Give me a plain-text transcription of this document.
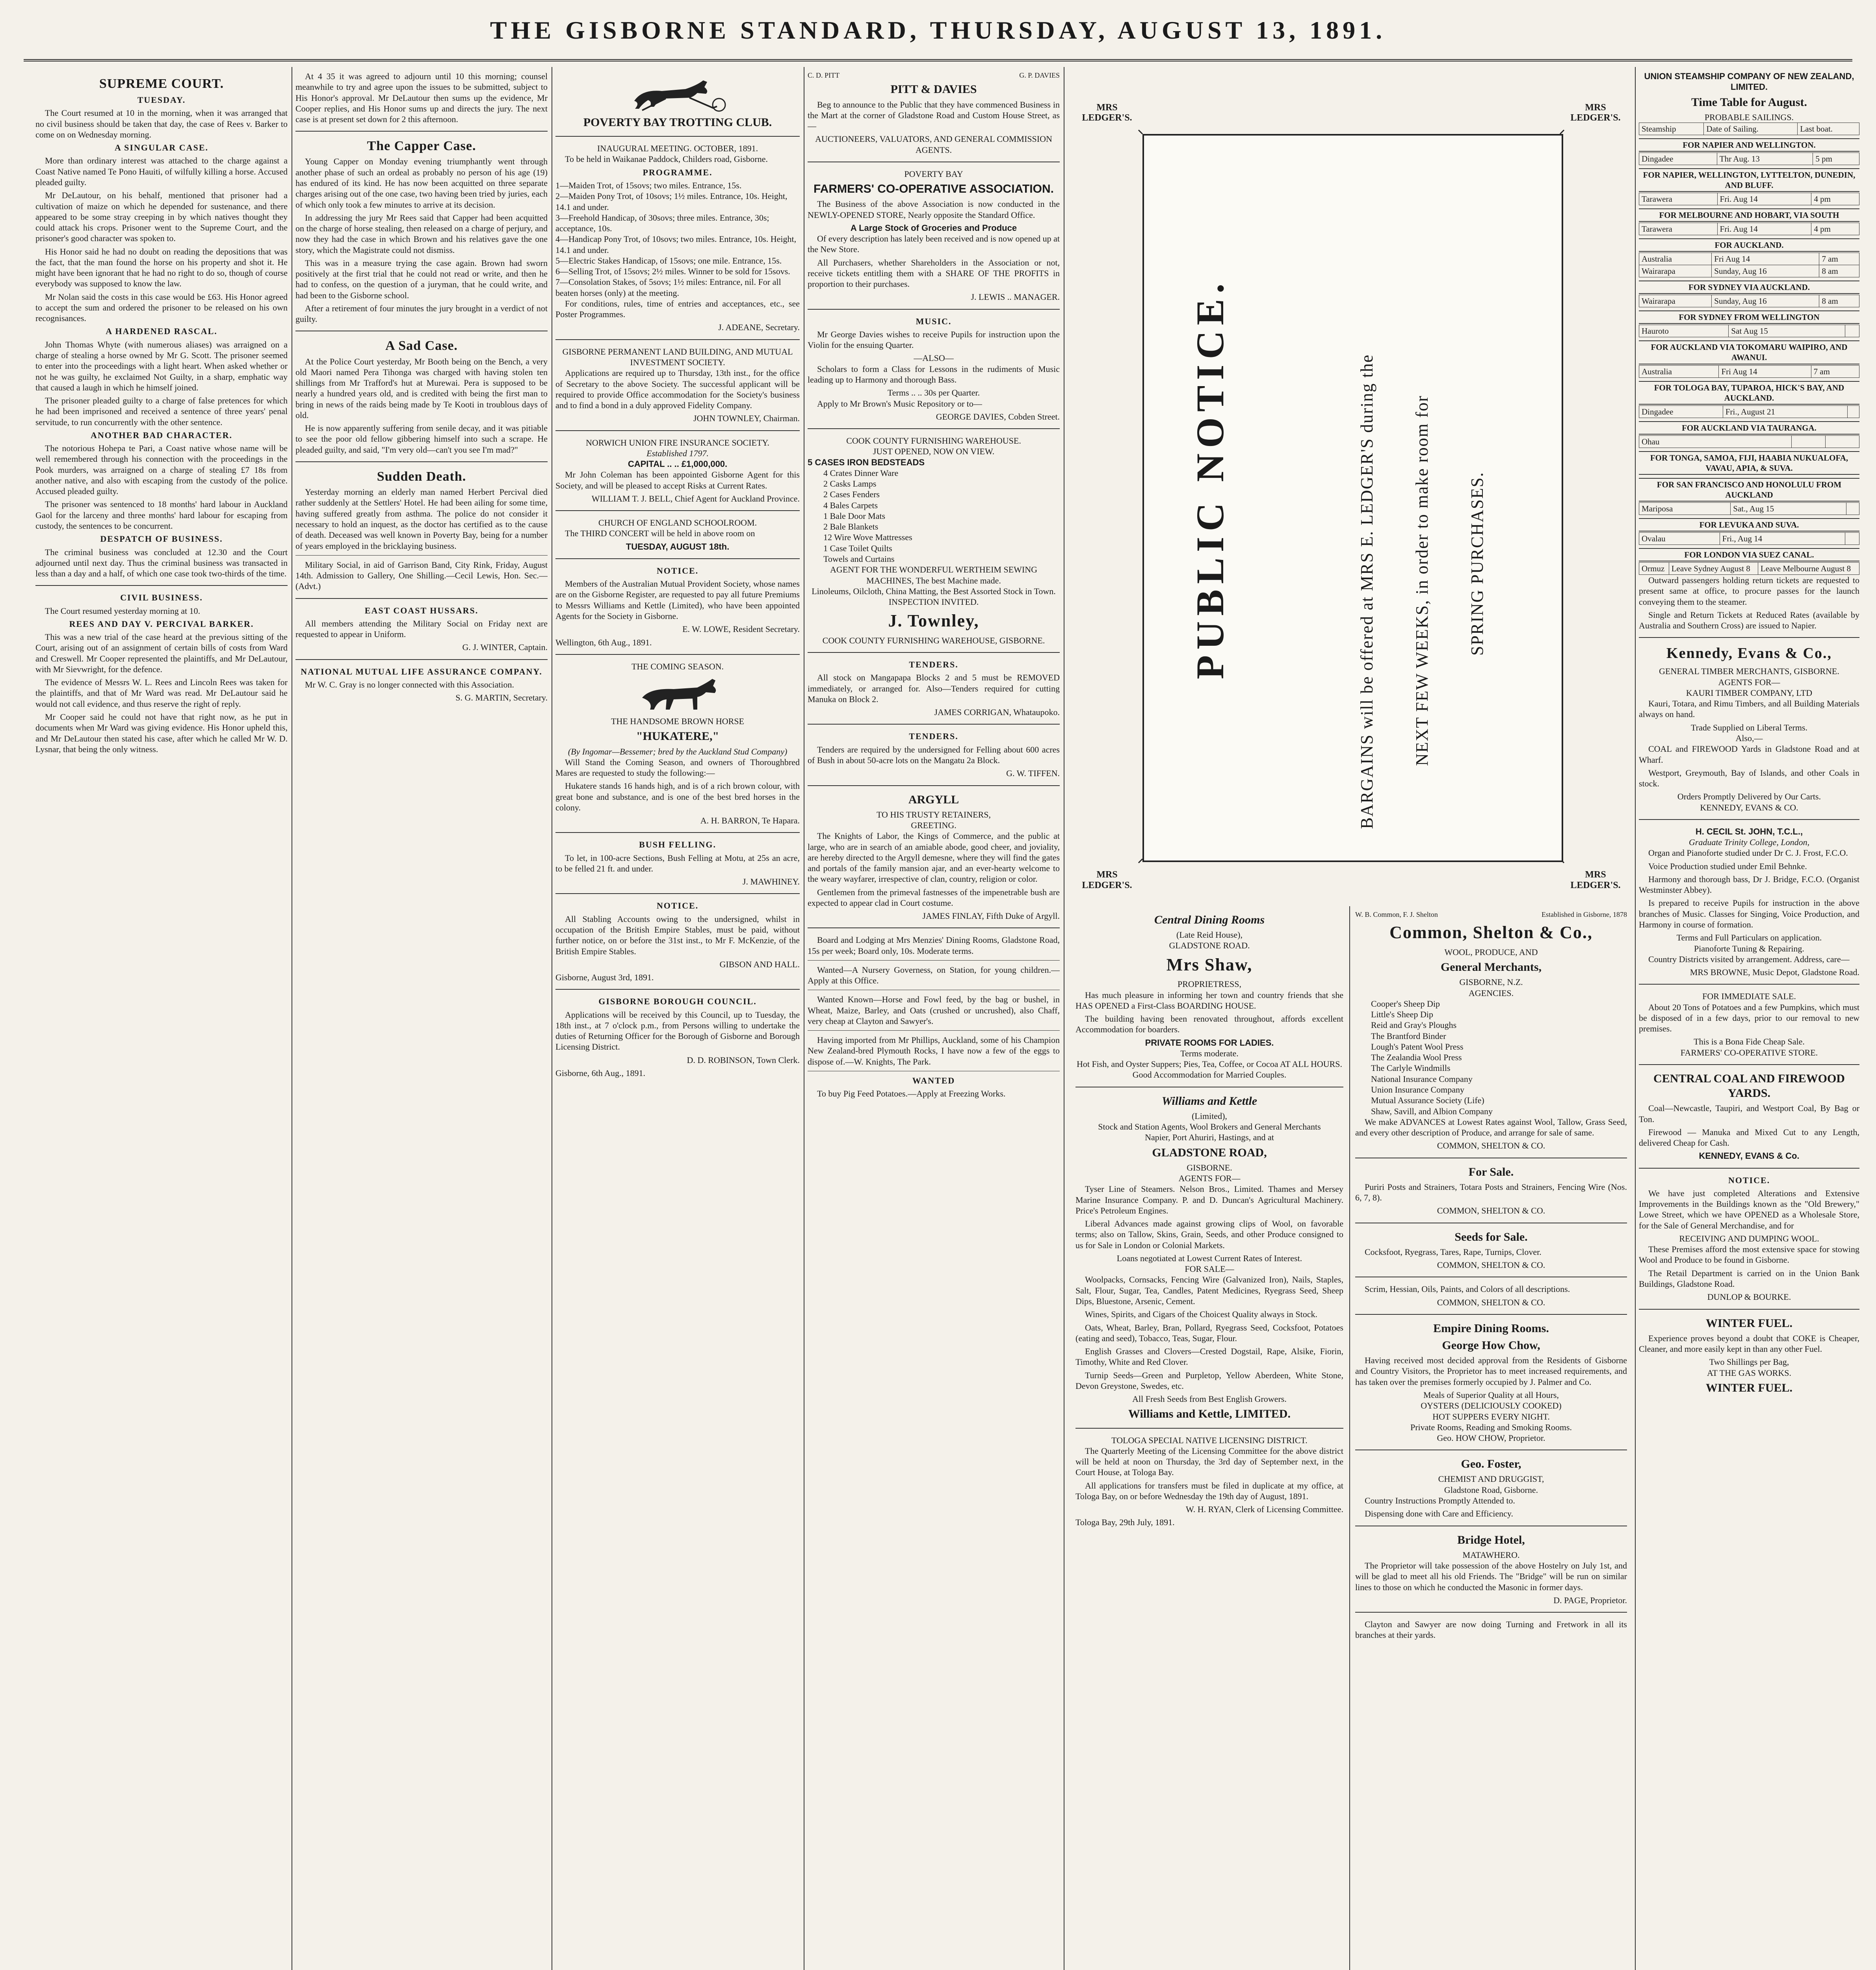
THE GISBORNE STANDARD, THURSDAY, AUGUST 13, 1891.
SUPREME COURT.
TUESDAY.

The Court resumed at 10 in the morning, when it was arranged that no civil business should be taken that day, the case of Rees v. Barker to come on on Wednesday morning.

A SINGULAR CASE.

More than ordinary interest was attached to the charge against a Coast Native named Te Pono Hauiti, of wilfully killing a horse. Accused pleaded guilty.

Mr DeLautour, on his behalf, mentioned that prisoner had a cultivation of maize on which he depended for sustenance, and there appeared to be some stray creeping in by which natives thought they could attack his crops. Prisoner went to the Supreme Court, and the prisoner's good character was spoken to.

His Honor said he had no doubt on reading the depositions that was the fact, that the man found the horse on his property and shot it. He might have been ignorant that he had no right to do so, though of course everybody was supposed to know the law.

Mr Nolan said the costs in this case would be £63. His Honor agreed to accept the sum and ordered the prisoner to be released on his own recognisances.

A HARDENED RASCAL.

John Thomas Whyte (with numerous aliases) was arraigned on a charge of stealing a horse owned by Mr G. Scott. The prisoner seemed to enter into the proceedings with a light heart. When asked whether or not he was guilty, he exclaimed Not Guilty, in a sharp, emphatic way that caused a laugh in which he himself joined.

The prisoner pleaded guilty to a charge of false pretences for which he had been imprisoned and received a sentence of three years' penal servitude, to run concurrently with the other sentence.

ANOTHER BAD CHARACTER.

The notorious Hohepa te Pari, a Coast native whose name will be well remembered through his connection with the proceedings in the Pook murders, was arraigned on a charge of stealing £7 18s from another native, and also with escaping from the custody of the police. Accused pleaded guilty.

The prisoner was sentenced to 18 months' hard labour in Auckland Gaol for the larceny and three months' hard labour for escaping from custody, the sentences to be concurrent.

DESPATCH OF BUSINESS.

The criminal business was concluded at 12.30 and the Court adjourned until next day. Thus the criminal business was transacted in less than a day and a half, of which one case took two-thirds of the time.

CIVIL BUSINESS.

The Court resumed yesterday morning at 10.

REES AND DAY V. PERCIVAL BARKER.

This was a new trial of the case heard at the previous sitting of the Court, arising out of an assignment of certain bills of costs from Ward and Creswell. Mr Cooper represented the plaintiffs, and Mr DeLautour, with Mr Sievwright, for the defence.

The evidence of Messrs W. L. Rees and Lincoln Rees was taken for the plaintiffs, and that of Mr Ward was read. Mr DeLautour said he would not call evidence, and thus reserve the right of reply.

Mr Cooper said he could not have that right now, as he put in documents when Mr Ward was giving evidence. His Honor upheld this, and Mr DeLautour then stated his case, after which he called Mr W. D. Lysnar, that being the only witness.

At 4 35 it was agreed to adjourn until 10 this morning; counsel meanwhile to try and agree upon the issues to be submitted, subject to His Honor's approval. Mr DeLautour then sums up the evidence, Mr Cooper replies, and His Honor sums up and directs the jury. The next case is at present set down for 2 this afternoon.

The Capper Case.

Young Capper on Monday evening triumphantly went through another phase of such an ordeal as probably no person of his age (19) has endured of its kind. He has now been acquitted on three separate charges arising out of the one case, two having been tried by juries, each of which only took a few minutes to arrive at its decision.

In addressing the jury Mr Rees said that Capper had been acquitted on the charge of horse stealing, then released on a charge of perjury, and now they had the case in which Brown and his relatives gave the one story, which the Magistrate could not dismiss.

This was in a measure trying the case again. Brown had sworn positively at the first trial that he could not read or write, and then he had to confess, on the question of a juryman, that he could write, and had been to the Gisborne school.

After a retirement of four minutes the jury brought in a verdict of not guilty.

A Sad Case.

At the Police Court yesterday, Mr Booth being on the Bench, a very old Maori named Pera Tihonga was charged with having stolen ten shillings from Mr Trafford's hut at Murewai. Pera is supposed to be nearly a hundred years old, and is credited with being the first man to bring in news of the raids being made by Te Kooti in troublous days of old.

He is now apparently suffering from senile decay, and it was pitiable to see the poor old fellow gibbering himself into such a scrape. He pleaded guilty, and said, "I'm very old—can't you see I'm mad?"

Sudden Death.

Yesterday morning an elderly man named Herbert Percival died rather suddenly at the Settlers' Hotel. He had been ailing for some time, having suffered greatly from asthma. The police do not consider it necessary to hold an inquest, as the doctor has certified as to the cause of death. Deceased was well known in Poverty Bay, being for a number of years employed in the bricklaying business.

Military Social, in aid of Garrison Band, City Rink, Friday, August 14th. Admission to Gallery, One Shilling.—Cecil Lewis, Hon. Sec.—(Advt.)

EAST COAST HUSSARS.

All members attending the Military Social on Friday next are requested to appear in Uniform.

G. J. WINTER, Captain.
NATIONAL MUTUAL LIFE ASSURANCE COMPANY.

Mr W. C. Gray is no longer connected with this Association.

S. G. MARTIN, Secretary.
POVERTY BAY TROTTING CLUB.
INAUGURAL MEETING. OCTOBER, 1891.

To be held in Waikanae Paddock, Childers road, Gisborne.

PROGRAMME.
1—Maiden Trot, of 15sovs; two miles. Entrance, 15s.
2—Maiden Pony Trot, of 10sovs; 1½ miles. Entrance, 10s. Height, 14.1 and under.
3—Freehold Handicap, of 30sovs; three miles. Entrance, 30s; acceptance, 10s.
4—Handicap Pony Trot, of 10sovs; two miles. Entrance, 10s. Height, 14.1 and under.
5—Electric Stakes Handicap, of 15sovs; one mile. Entrance, 15s.
6—Selling Trot, of 15sovs; 2½ miles. Winner to be sold for 15sovs.
7—Consolation Stakes, of 5sovs; 1½ miles: Entrance, nil. For all beaten horses (only) at the meeting.

For conditions, rules, time of entries and acceptances, etc., see Poster Programmes.

J. ADEANE, Secretary.
GISBORNE PERMANENT LAND BUILDING, AND MUTUAL INVESTMENT SOCIETY.

Applications are required up to Thursday, 13th inst., for the office of Secretary to the above Society. The successful applicant will be required to provide Office accommodation for the Society's business and to find a bond in a duly approved Fidelity Company.

JOHN TOWNLEY, Chairman.
NORWICH UNION FIRE INSURANCE SOCIETY.
Established 1797.
CAPITAL .. .. £1,000,000.

Mr John Coleman has been appointed Gisborne Agent for this Society, and will be pleased to accept Risks at Current Rates.

WILLIAM T. J. BELL, Chief Agent for Auckland Province.
CHURCH OF ENGLAND SCHOOLROOM.

The THIRD CONCERT will be held in above room on

TUESDAY, AUGUST 18th.
NOTICE.

Members of the Australian Mutual Provident Society, whose names are on the Gisborne Register, are requested to pay all future Premiums to Messrs Williams and Kettle (Limited), who have been appointed Agents for the Society in Gisborne.

E. W. LOWE, Resident Secretary.
Wellington, 6th Aug., 1891.
THE COMING SEASON.
THE HANDSOME BROWN HORSE
"HUKATERE,"
(By Ingomar—Bessemer; bred by the Auckland Stud Company)

Will Stand the Coming Season, and owners of Thoroughbred Mares are requested to study the following:—

Hukatere stands 16 hands high, and is of a rich brown colour, with great bone and substance, and is one of the best bred horses in the colony.

A. H. BARRON, Te Hapara.
BUSH FELLING.

To let, in 100-acre Sections, Bush Felling at Motu, at 25s an acre, to be felled 21 ft. and under.

J. MAWHINEY.
NOTICE.

All Stabling Accounts owing to the undersigned, whilst in occupation of the British Empire Stables, must be paid, without further notice, on or before the 31st inst., to Mr F. McKenzie, of the British Empire Stables.

GIBSON AND HALL.
Gisborne, August 3rd, 1891.
GISBORNE BOROUGH COUNCIL.

Applications will be received by this Council, up to Tuesday, the 18th inst., at 7 o'clock p.m., from Persons willing to undertake the duties of Returning Officer for the Borough of Gisborne and Borough Licensing District.

D. D. ROBINSON, Town Clerk.
Gisborne, 6th Aug., 1891.
C. D. PITT	G. P. DAVIES
PITT & DAVIES

Beg to announce to the Public that they have commenced Business in the Mart at the corner of Gladstone Road and Custom House Street, as—

AUCTIONEERS, VALUATORS, AND GENERAL COMMISSION AGENTS.
POVERTY BAY
FARMERS' CO-OPERATIVE ASSOCIATION.

The Business of the above Association is now conducted in the NEWLY-OPENED STORE, Nearly opposite the Standard Office.

A Large Stock of Groceries and Produce

Of every description has lately been received and is now opened up at the New Store.

All Purchasers, whether Shareholders in the Association or not, receive tickets entitling them with a SHARE OF THE PROFITS in proportion to their purchases.

J. LEWIS .. MANAGER.
MUSIC.

Mr George Davies wishes to receive Pupils for instruction upon the Violin for the ensuing Quarter.

—ALSO—

Scholars to form a Class for Lessons in the rudiments of Music leading up to Harmony and thorough Bass.

Terms .. .. 30s per Quarter.

Apply to Mr Brown's Music Repository or to—

GEORGE DAVIES, Cobden Street.
COOK COUNTY FURNISHING WAREHOUSE.
JUST OPENED, NOW ON VIEW.
5 CASES IRON BEDSTEADS
4 Crates Dinner Ware
2 Casks Lamps
2 Cases Fenders
4 Bales Carpets
1 Bale Door Mats
2 Bale Blankets
12 Wire Wove Mattresses
1 Case Toilet Quilts
Towels and Curtains
AGENT FOR THE WONDERFUL WERTHEIM SEWING MACHINES, The best Machine made.
Linoleums, Oilcloth, China Matting, the Best Assorted Stock in Town.
INSPECTION INVITED.
J. Townley,
COOK COUNTY FURNISHING WAREHOUSE, GISBORNE.
TENDERS.

All stock on Mangapapa Blocks 2 and 5 must be REMOVED immediately, or arranged for. Also—Tenders required for cutting Manuka on Block 2.

JAMES CORRIGAN, Whataupoko.
TENDERS.

Tenders are required by the undersigned for Felling about 600 acres of Bush in about 50-acre lots on the Mangatu 2a Block.

G. W. TIFFEN.
ARGYLL
TO HIS TRUSTY RETAINERS,
GREETING.

The Knights of Labor, the Kings of Commerce, and the public at large, who are in search of an amiable abode, good cheer, and joviality, are hereby directed to the Argyll demesne, where they will find the gates and portals of the family mansion ajar, and an ever-hearty welcome to the weary wayfarer, irrespective of clan, country, religion or color.

Gentlemen from the primeval fastnesses of the impenetrable bush are expected to appear clad in Court costume.

JAMES FINLAY, Fifth Duke of Argyll.

Board and Lodging at Mrs Menzies' Dining Rooms, Gladstone Road, 15s per week; Board only, 10s. Moderate terms.

Wanted—A Nursery Governess, on Station, for young children.—Apply at this Office.

Wanted Known—Horse and Fowl feed, by the bag or bushel, in Wheat, Maize, Barley, and Oats (crushed or uncrushed), also Chaff, very cheap at Clayton and Sawyer's.

Having imported from Mr Phillips, Auckland, some of his Champion New Zealand-bred Plymouth Rocks, I have now a few of the eggs to dispose of.—W. Knights, The Park.

WANTED

To buy Pig Feed Potatoes.—Apply at Freezing Works.

MRS LEDGER'S.
MRS LEDGER'S.
MRS LEDGER'S.
MRS LEDGER'S.
PUBLIC NOTICE.	BARGAINS will be offered at MRS E. LEDGER'S during the NEXT FEW WEEKS, in order to make room for SPRING PURCHASES.
Central Dining Rooms
(Late Reid House),
GLADSTONE ROAD.
Mrs Shaw,
PROPRIETRESS,

Has much pleasure in informing her town and country friends that she HAS OPENED a First-Class BOARDING HOUSE.

The building having been renovated throughout, affords excellent Accommodation for boarders.

PRIVATE ROOMS FOR LADIES.
Terms moderate.
Hot Fish, and Oyster Suppers; Pies, Tea, Coffee, or Cocoa AT ALL HOURS.
Good Accommodation for Married Couples.
Williams and Kettle
(Limited),
Stock and Station Agents, Wool Brokers and General Merchants
Napier, Port Ahuriri, Hastings, and at
GLADSTONE ROAD,
GISBORNE.
AGENTS FOR—

Tyser Line of Steamers. Nelson Bros., Limited. Thames and Mersey Marine Insurance Company. P. and D. Duncan's Agricultural Machinery. Price's Petroleum Engines.

Liberal Advances made against growing clips of Wool, on favorable terms; also on Tallow, Skins, Grain, Seeds, and other Produce consigned to us for Sale in London or Colonial Markets.

Loans negotiated at Lowest Current Rates of Interest.
FOR SALE—

Woolpacks, Cornsacks, Fencing Wire (Galvanized Iron), Nails, Staples, Salt, Flour, Sugar, Tea, Candles, Patent Medicines, Ryegrass Seed, Sheep Dips, Bluestone, Arsenic, Cement.

Wines, Spirits, and Cigars of the Choicest Quality always in Stock.

Oats, Wheat, Barley, Bran, Pollard, Ryegrass Seed, Cocksfoot, Potatoes (eating and seed), Tobacco, Teas, Sugar, Flour.

English Grasses and Clovers—Crested Dogstail, Rape, Alsike, Fiorin, Timothy, White and Red Clover.

Turnip Seeds—Green and Purpletop, Yellow Aberdeen, White Stone, Devon Greystone, Swedes, etc.

All Fresh Seeds from Best English Growers.
Williams and Kettle, LIMITED.
TOLOGA SPECIAL NATIVE LICENSING DISTRICT.

The Quarterly Meeting of the Licensing Committee for the above district will be held at noon on Thursday, the 3rd day of September next, in the Court House, at Tologa Bay.

All applications for transfers must be filed in duplicate at my office, at Tologa Bay, on or before Wednesday the 19th day of August, 1891.

W. H. RYAN, Clerk of Licensing Committee.
Tologa Bay, 29th July, 1891.
W. B. Common, F. J. Shelton	Established in Gisborne, 1878
Common, Shelton & Co.,
WOOL, PRODUCE, AND
General Merchants,
GISBORNE, N.Z.
AGENCIES.
Cooper's Sheep Dip
Little's Sheep Dip
Reid and Gray's Ploughs
The Brantford Binder
Lough's Patent Wool Press
The Zealandia Wool Press
The Carlyle Windmills
National Insurance Company
Union Insurance Company
Mutual Assurance Society (Life)
Shaw, Savill, and Albion Company

We make ADVANCES at Lowest Rates against Wool, Tallow, Grass Seed, and every other description of Produce, and arrange for sale of same.

COMMON, SHELTON & CO.
For Sale.

Puriri Posts and Strainers, Totara Posts and Strainers, Fencing Wire (Nos. 6, 7, 8).

COMMON, SHELTON & CO.
Seeds for Sale.

Cocksfoot, Ryegrass, Tares, Rape, Turnips, Clover.

COMMON, SHELTON & CO.

Scrim, Hessian, Oils, Paints, and Colors of all descriptions.

COMMON, SHELTON & CO.
Empire Dining Rooms.
George How Chow,

Having received most decided approval from the Residents of Gisborne and Country Visitors, the Proprietor has to meet increased requirements, and has taken over the premises formerly occupied by J. Palmer and Co.

Meals of Superior Quality at all Hours,
OYSTERS (DELICIOUSLY COOKED)
HOT SUPPERS EVERY NIGHT.
Private Rooms, Reading and Smoking Rooms.
Geo. HOW CHOW, Proprietor.
Geo. Foster,
CHEMIST AND DRUGGIST,
Gladstone Road, Gisborne.

Country Instructions Promptly Attended to.

Dispensing done with Care and Efficiency.

Bridge Hotel,
MATAWHERO.

The Proprietor will take possession of the above Hostelry on July 1st, and will be glad to meet all his old Friends. The "Bridge" will be run on similar lines to those on which he conducted the Masonic in former days.

D. PAGE, Proprietor.

Clayton and Sawyer are now doing Turning and Fretwork in all its branches at their yards.

UNION STEAMSHIP COMPANY OF NEW ZEALAND, LIMITED.
Time Table for August.
PROBABLE SAILINGS.
Steamship	Date of Sailing.	Last boat.
FOR NAPIER AND WELLINGTON.
Dingadee	Thr Aug. 13	5 pm
FOR NAPIER, WELLINGTON, LYTTELTON, DUNEDIN, AND BLUFF.
Tarawera	Fri. Aug 14	4 pm
FOR MELBOURNE AND HOBART, VIA SOUTH
Tarawera	Fri. Aug 14	4 pm
FOR AUCKLAND.
Australia	Fri Aug 14	7 am
Wairarapa	Sunday, Aug 16	8 am
FOR SYDNEY VIA AUCKLAND.
Wairarapa	Sunday, Aug 16	8 am
FOR SYDNEY FROM WELLINGTON
Hauroto	Sat Aug 15	
FOR AUCKLAND VIA TOKOMARU WAIPIRO, AND AWANUI.
Australia	Fri Aug 14	7 am
FOR TOLOGA BAY, TUPAROA, HICK'S BAY, AND AUCKLAND.
Dingadee	Fri., August 21	
FOR AUCKLAND VIA TAURANGA.
Ohau		
FOR TONGA, SAMOA, FIJI, HAABIA NUKUALOFA, VAVAU, APIA, & SUVA.
FOR SAN FRANCISCO AND HONOLULU FROM AUCKLAND
Mariposa	Sat., Aug 15	
FOR LEVUKA AND SUVA.
Ovalau	Fri., Aug 14	
FOR LONDON VIA SUEZ CANAL.
Ormuz	Leave Sydney August 8	Leave Melbourne August 8

Outward passengers holding return tickets are requested to present same at office, to procure passes for the launch conveying them to the steamer.

Single and Return Tickets at Reduced Rates (available by Australia and Southern Cross) are issued to Napier.

Kennedy, Evans & Co.,
GENERAL TIMBER MERCHANTS, GISBORNE.
AGENTS FOR—
KAURI TIMBER COMPANY, LTD

Kauri, Totara, and Rimu Timbers, and all Building Materials always on hand.

Trade Supplied on Liberal Terms.
Also,—

COAL and FIREWOOD Yards in Gladstone Road and at Wharf.

Westport, Greymouth, Bay of Islands, and other Coals in stock.

Orders Promptly Delivered by Our Carts.
KENNEDY, EVANS & CO.
H. CECIL St. JOHN, T.C.L.,
Graduate Trinity College, London,

Organ and Pianoforte studied under Dr C. J. Frost, F.C.O.

Voice Production studied under Emil Behnke.

Harmony and thorough bass, Dr J. Bridge, F.C.O. (Organist Westminster Abbey).

Is prepared to receive Pupils for instruction in the above branches of Music. Classes for Singing, Voice Production, and Harmony in course of formation.

Terms and Full Particulars on application.
Pianoforte Tuning & Repairing.

Country Districts visited by arrangement. Address, care—

MRS BROWNE, Music Depot, Gladstone Road.
FOR IMMEDIATE SALE.

About 20 Tons of Potatoes and a few Pumpkins, which must be disposed of in a few days, prior to our removal to new premises.

This is a Bona Fide Cheap Sale.
FARMERS' CO-OPERATIVE STORE.
CENTRAL COAL AND FIREWOOD YARDS.

Coal—Newcastle, Taupiri, and Westport Coal, By Bag or Ton.

Firewood — Manuka and Mixed Cut to any Length, delivered Cheap for Cash.

KENNEDY, EVANS & Co.
NOTICE.

We have just completed Alterations and Extensive Improvements in the Buildings known as the "Old Brewery," Lowe Street, which we have OPENED as a Wholesale Store, for the Sale of General Merchandise, and for

RECEIVING AND DUMPING WOOL.

These Premises afford the most extensive space for stowing Wool and Produce to be found in Gisborne.

The Retail Department is carried on in the Union Bank Buildings, Gladstone Road.

DUNLOP & BOURKE.
WINTER FUEL.

Experience proves beyond a doubt that COKE is Cheaper, Cleaner, and more easily kept in than any other Fuel.

Two Shillings per Bag,
AT THE GAS WORKS.
WINTER FUEL.
